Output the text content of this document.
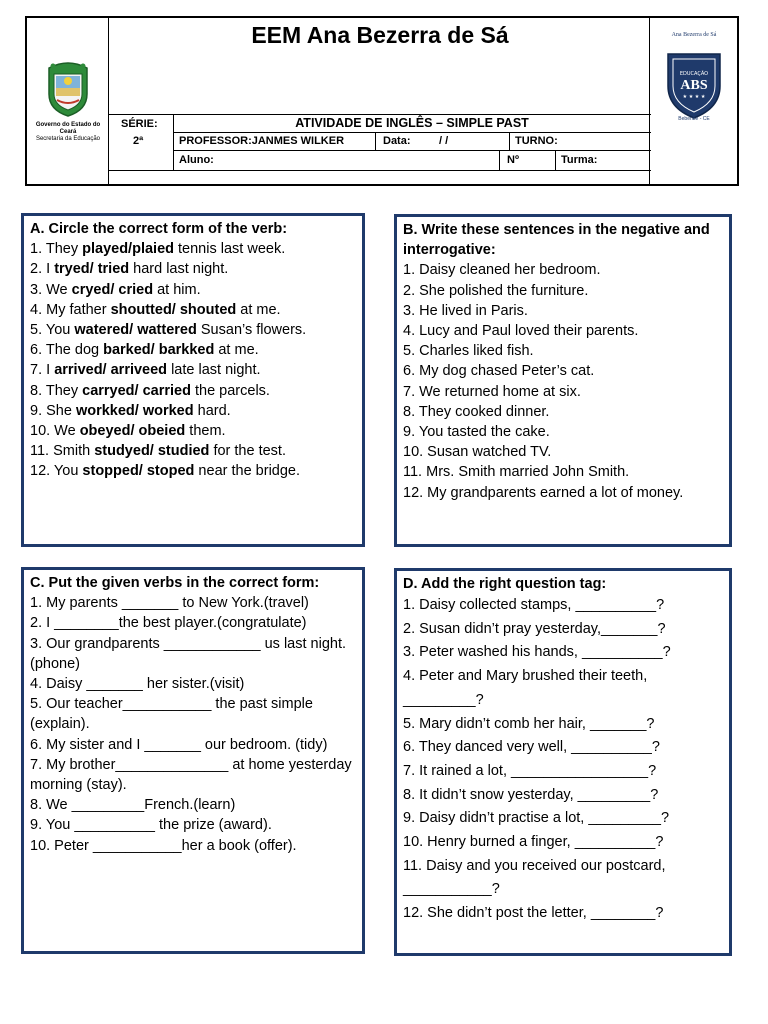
Governo do Estado do Ceará
Secretaria da Educação
EEM Ana Bezerra de Sá
SÉRIE:
2ª
ATIVIDADE DE INGLÊS – SIMPLE PAST
PROFESSOR:JANMES WILKER	Data:	/ /	TURNO:
Aluno:	Nº	Turma:
Ana Bezerra de Sá
EDUCAÇÃO
ABS
★ ★ ★ ★
Beberibe - CE
A. Circle the correct form of the verb:
1. They played/plaied tennis last week.
2. I tryed/ tried hard last night.
3. We cryed/ cried at him.
4. My father shoutted/ shouted at me.
5. You watered/ wattered Susan’s flowers.
6. The dog barked/ barkked at me.
7. I arrived/ arriveed late last night.
8. They carryed/ carried the parcels.
9. She workked/ worked hard.
10. We obeyed/ obeied them.
11. Smith studyed/ studied for the test.
12. You stopped/ stoped near the bridge.
B. Write these sentences in the negative and interrogative:
1. Daisy cleaned her bedroom.
2. She polished the furniture.
3. He lived in Paris.
4. Lucy and Paul loved their parents.
5. Charles liked fish.
6. My dog chased Peter’s cat.
7. We returned home at six.
8. They cooked dinner.
9. You tasted the cake.
10. Susan watched TV.
11. Mrs. Smith married John Smith.
12. My grandparents earned a lot of money.
C. Put the given verbs in the correct form:
1. My parents _______ to New York.(travel)
2. I ________the best player.(congratulate)
3. Our grandparents ____________ us last night. (phone)
4. Daisy _______ her sister.(visit)
5. Our teacher___________ the past simple (explain).
6. My sister and I _______ our bedroom. (tidy)
7. My brother______________ at home yesterday morning (stay).
8. We _________French.(learn)
9. You __________ the prize (award).
10. Peter ___________her a book (offer).
D. Add the right question tag:
1. Daisy collected stamps, __________?
2. Susan didn’t pray yesterday,_______?
3. Peter washed his hands, __________?
4. Peter and Mary brushed their teeth, _________?
5. Mary didn’t comb her hair, _______?
6. They danced very well, __________?
7. It rained a lot, _________________?
8. It didn’t snow yesterday, _________?
9. Daisy didn’t practise a lot, _________?
10. Henry burned a finger, __________?
11. Daisy and you received our postcard, ___________?
12. She didn’t post the letter, ________?
